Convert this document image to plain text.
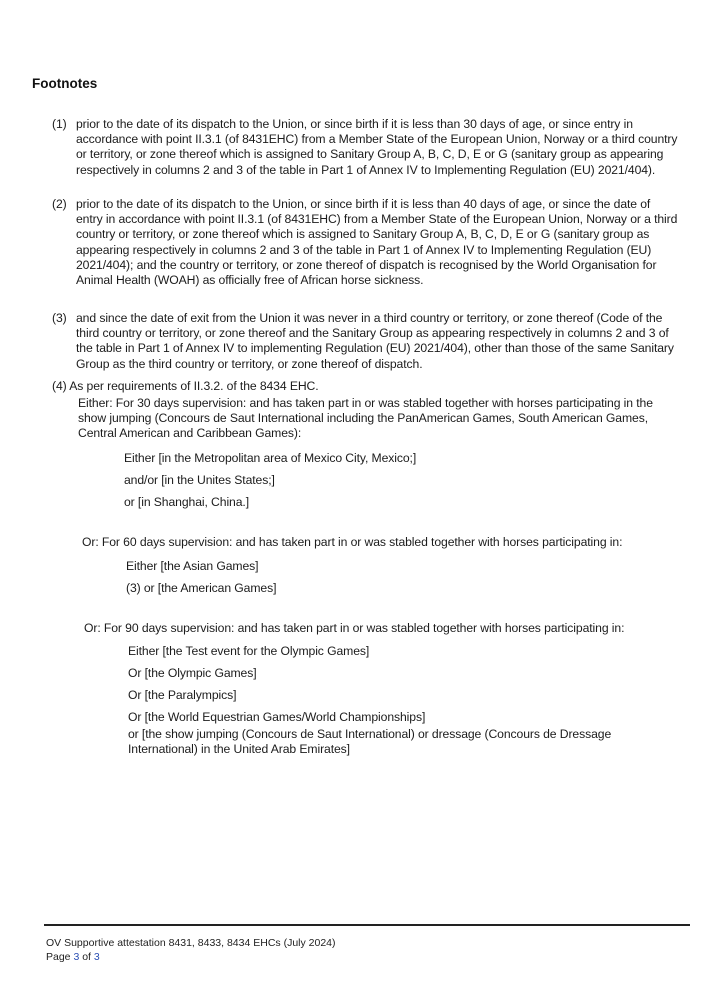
Footnotes
(1) prior to the date of its dispatch to the Union, or since birth if it is less than 30 days of age, or since entry in accordance with point II.3.1 (of 8431EHC) from a Member State of the European Union, Norway or a third country or territory, or zone thereof which is assigned to Sanitary Group A, B, C, D, E or G (sanitary group as appearing respectively in columns 2 and 3 of the table in Part 1 of Annex IV to Implementing Regulation (EU) 2021/404).
(2) prior to the date of its dispatch to the Union, or since birth if it is less than 40 days of age, or since the date of entry in accordance with point II.3.1 (of 8431EHC) from a Member State of the European Union, Norway or a third country or territory, or zone thereof which is assigned to Sanitary Group A, B, C, D, E or G (sanitary group as appearing respectively in columns 2 and 3 of the table in Part 1 of Annex IV to Implementing Regulation (EU) 2021/404); and the country or territory, or zone thereof of dispatch is recognised by the World Organisation for Animal Health (WOAH) as officially free of African horse sickness.
(3) and since the date of exit from the Union it was never in a third country or territory, or zone thereof (Code of the third country or territory, or zone thereof and the Sanitary Group as appearing respectively in columns 2 and 3 of the table in Part 1 of Annex IV to implementing Regulation (EU) 2021/404), other than those of the same Sanitary Group as the third country or territory, or zone thereof of dispatch.
(4) As per requirements of II.3.2. of the 8434 EHC.
Either: For 30 days supervision: and has taken part in or was stabled together with horses participating in the show jumping (Concours de Saut International including the PanAmerican Games, South American Games, Central American and Caribbean Games):
Either [in the Metropolitan area of Mexico City, Mexico;]
and/or [in the Unites States;]
or [in Shanghai, China.]
Or: For 60 days supervision: and has taken part in or was stabled together with horses participating in:
Either [the Asian Games]
(3) or [the American Games]
Or: For 90 days supervision: and has taken part in or was stabled together with horses participating in:
Either [the Test event for the Olympic Games]
Or [the Olympic Games]
Or [the Paralympics]
Or [the World Equestrian Games/World Championships]
or [the show jumping (Concours de Saut International) or dressage (Concours de Dressage International) in the United Arab Emirates]
OV Supportive attestation 8431, 8433, 8434 EHCs (July 2024)
Page 3 of 3
